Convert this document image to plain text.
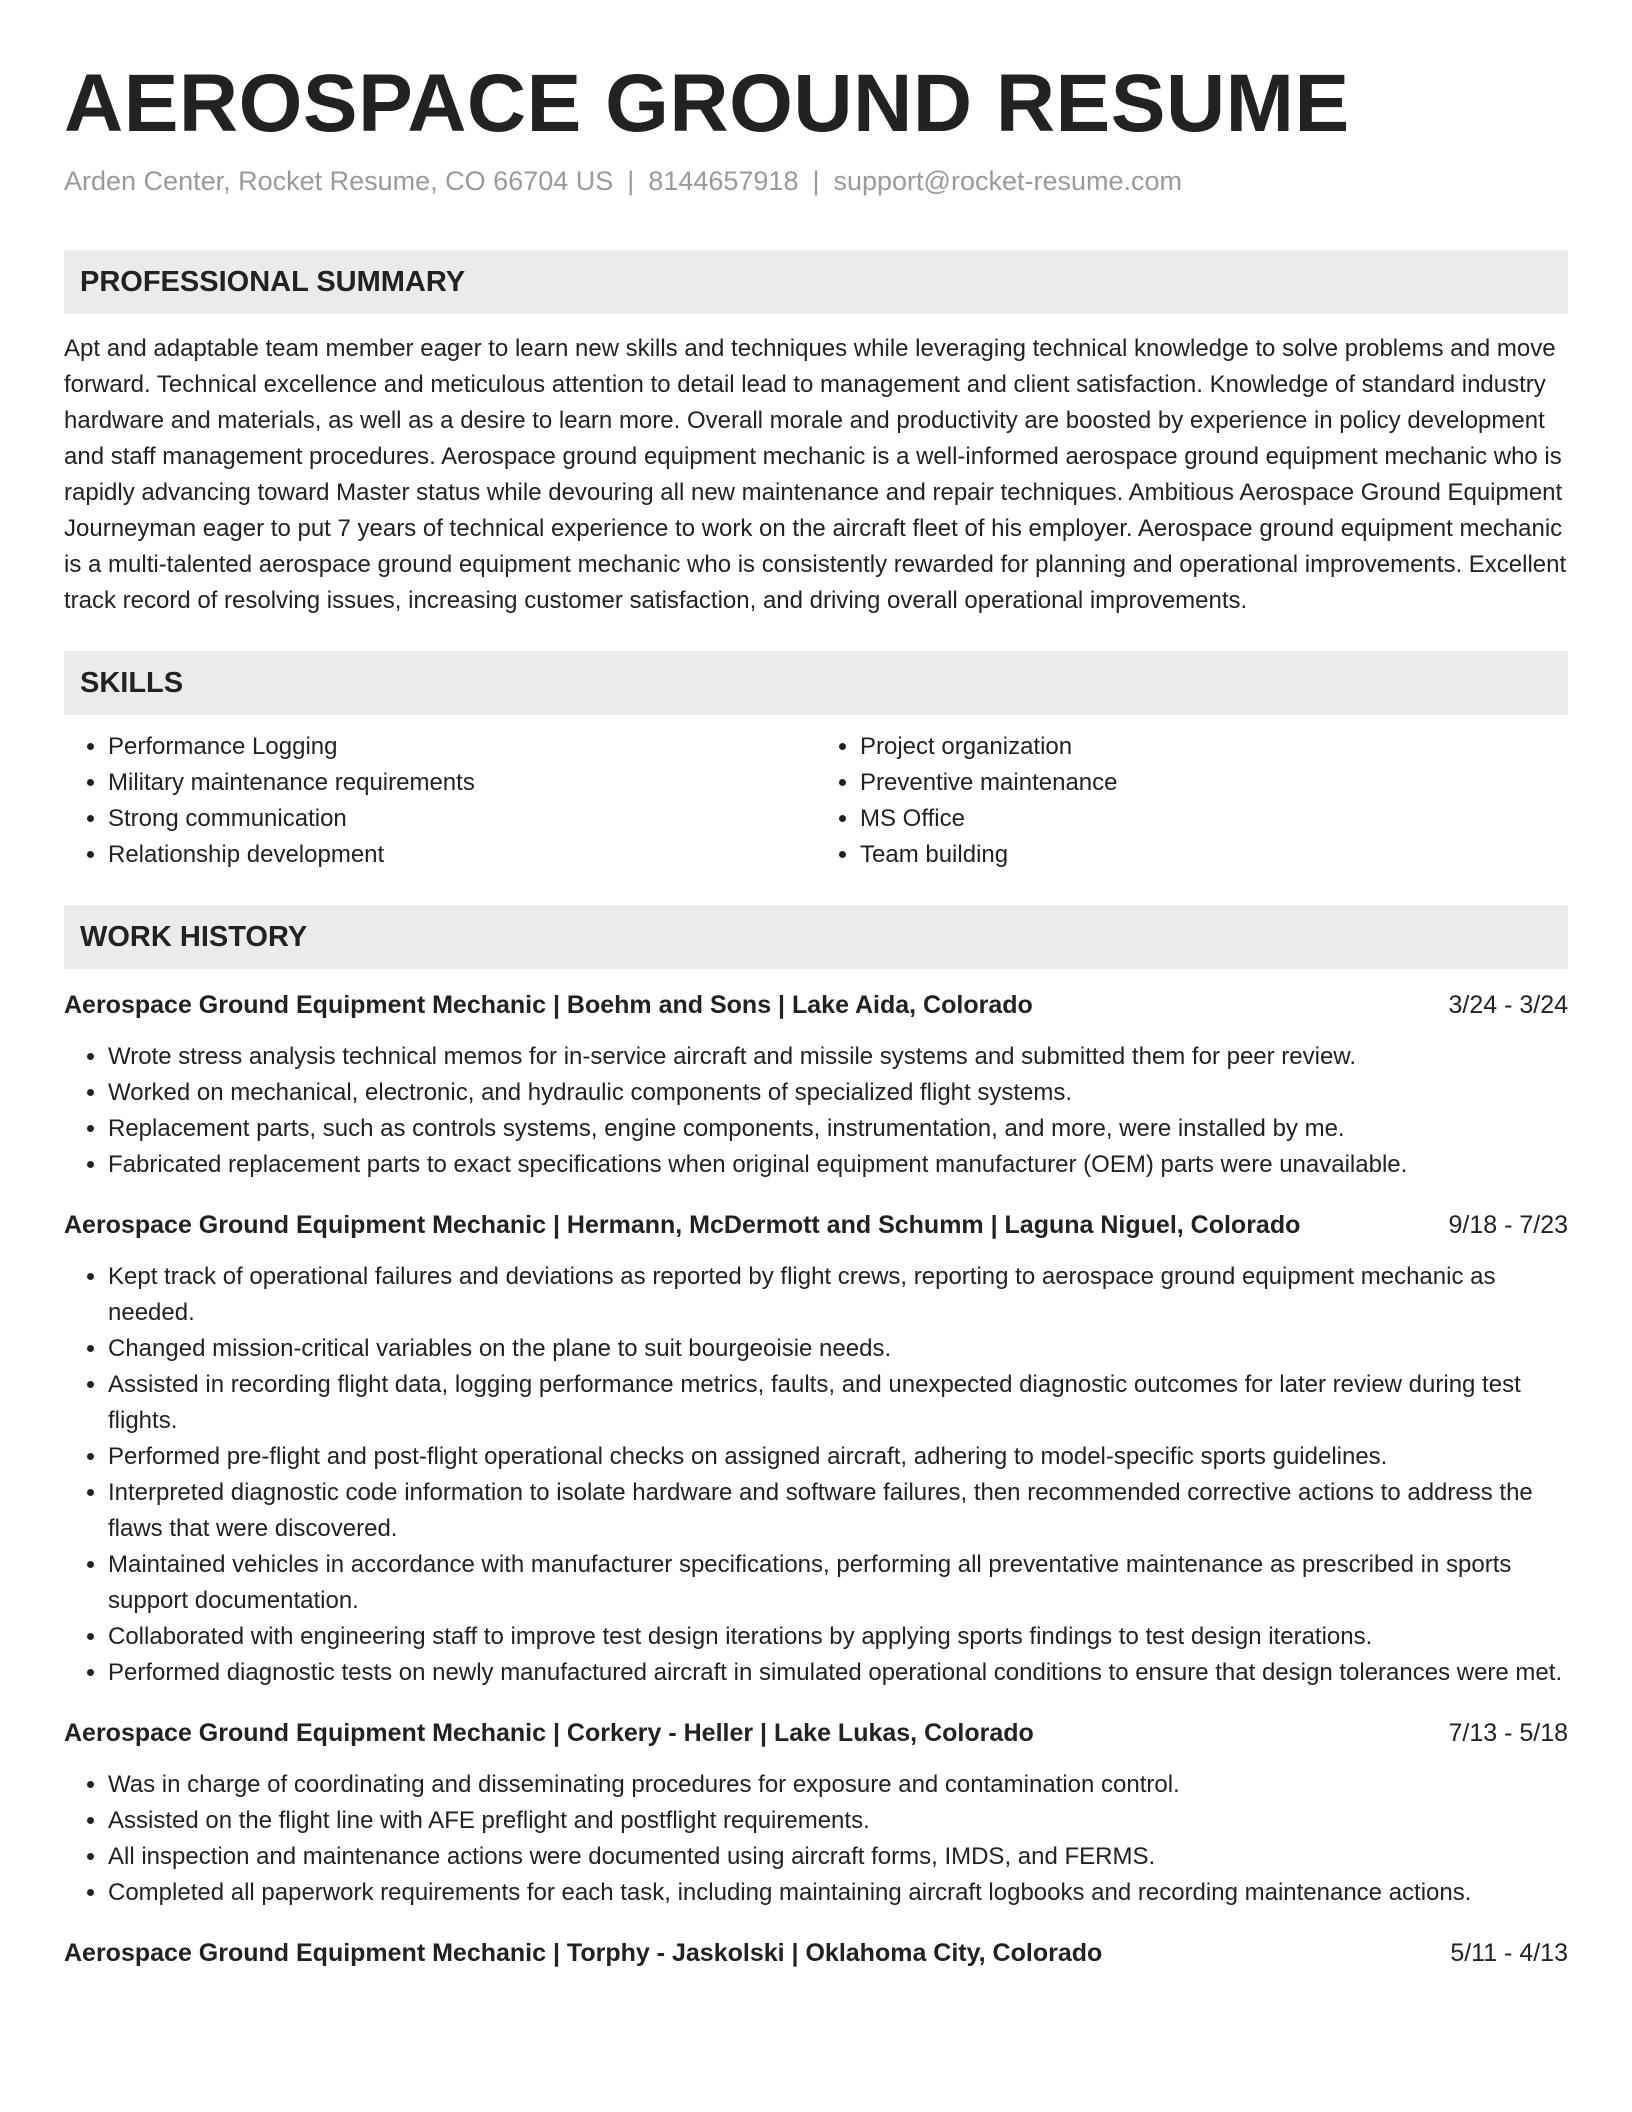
AEROSPACE GROUND RESUME
Arden Center, Rocket Resume, CO 66704 US | 8144657918 | support@rocket-resume.com
PROFESSIONAL SUMMARY
Apt and adaptable team member eager to learn new skills and techniques while leveraging technical knowledge to solve problems and move forward. Technical excellence and meticulous attention to detail lead to management and client satisfaction. Knowledge of standard industry hardware and materials, as well as a desire to learn more. Overall morale and productivity are boosted by experience in policy development and staff management procedures. Aerospace ground equipment mechanic is a well-informed aerospace ground equipment mechanic who is rapidly advancing toward Master status while devouring all new maintenance and repair techniques. Ambitious Aerospace Ground Equipment Journeyman eager to put 7 years of technical experience to work on the aircraft fleet of his employer. Aerospace ground equipment mechanic is a multi-talented aerospace ground equipment mechanic who is consistently rewarded for planning and operational improvements. Excellent track record of resolving issues, increasing customer satisfaction, and driving overall operational improvements.
SKILLS
• Performance Logging
• Military maintenance requirements
• Strong communication
• Relationship development
• Project organization
• Preventive maintenance
• MS Office
• Team building
WORK HISTORY
Aerospace Ground Equipment Mechanic | Boehm and Sons | Lake Aida, Colorado	3/24 - 3/24
• Wrote stress analysis technical memos for in-service aircraft and missile systems and submitted them for peer review.
• Worked on mechanical, electronic, and hydraulic components of specialized flight systems.
• Replacement parts, such as controls systems, engine components, instrumentation, and more, were installed by me.
• Fabricated replacement parts to exact specifications when original equipment manufacturer (OEM) parts were unavailable.
Aerospace Ground Equipment Mechanic | Hermann, McDermott and Schumm | Laguna Niguel, Colorado	9/18 - 7/23
• Kept track of operational failures and deviations as reported by flight crews, reporting to aerospace ground equipment mechanic as needed.
• Changed mission-critical variables on the plane to suit bourgeoisie needs.
• Assisted in recording flight data, logging performance metrics, faults, and unexpected diagnostic outcomes for later review during test flights.
• Performed pre-flight and post-flight operational checks on assigned aircraft, adhering to model-specific sports guidelines.
• Interpreted diagnostic code information to isolate hardware and software failures, then recommended corrective actions to address the flaws that were discovered.
• Maintained vehicles in accordance with manufacturer specifications, performing all preventative maintenance as prescribed in sports support documentation.
• Collaborated with engineering staff to improve test design iterations by applying sports findings to test design iterations.
• Performed diagnostic tests on newly manufactured aircraft in simulated operational conditions to ensure that design tolerances were met.
Aerospace Ground Equipment Mechanic | Corkery - Heller | Lake Lukas, Colorado	7/13 - 5/18
• Was in charge of coordinating and disseminating procedures for exposure and contamination control.
• Assisted on the flight line with AFE preflight and postflight requirements.
• All inspection and maintenance actions were documented using aircraft forms, IMDS, and FERMS.
• Completed all paperwork requirements for each task, including maintaining aircraft logbooks and recording maintenance actions.
Aerospace Ground Equipment Mechanic | Torphy - Jaskolski | Oklahoma City, Colorado	5/11 - 4/13
